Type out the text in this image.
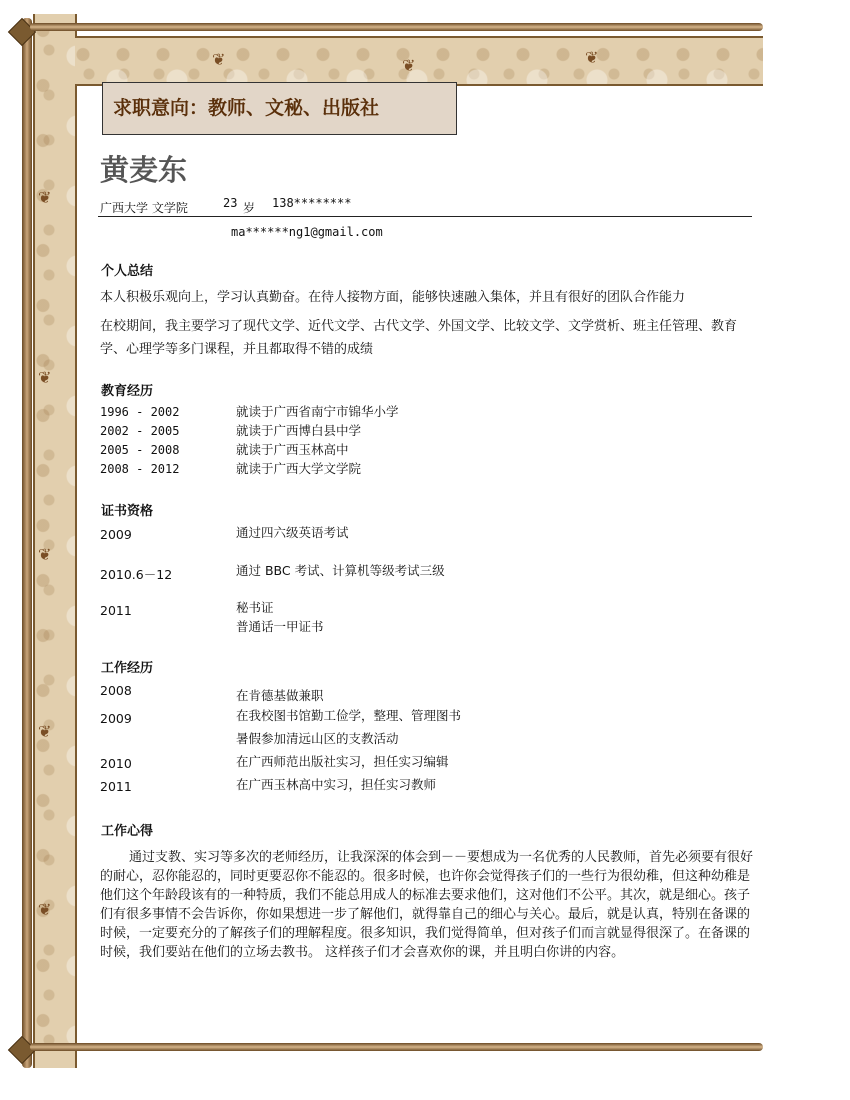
❦	❦	❦
❦
❦
❦
❦
❦
求职意向：教师、文秘、出版社
黄麦东
广西大学 文学院	23 岁 138********
ma******ng1@gmail.com
个人总结
本人积极乐观向上，学习认真勤奋。在待人接物方面，能够快速融入集体，并且有很好的团队合作能力
在校期间，我主要学习了现代文学、近代文学、古代文学、外国文学、比较文学、文学赏析、班主任管理、教育学、心理学等多门课程，并且都取得不错的成绩
教育经历
1996 - 2002	就读于广西省南宁市锦华小学
2002 - 2005	就读于广西博白县中学
2005 - 2008	就读于广西玉林高中
2008 - 2012	就读于广西大学文学院
证书资格
2009	通过四六级英语考试
2010.6－12	通过 BBC 考试、计算机等级考试三级
2011	秘书证
普通话一甲证书
工作经历
2008	在肯德基做兼职
2009	在我校图书馆勤工俭学，整理、管理图书
暑假参加清远山区的支教活动
2010	在广西师范出版社实习，担任实习编辑
2011	在广西玉林高中实习，担任实习教师
工作心得
通过支教、实习等多次的老师经历，让我深深的体会到－－要想成为一名优秀的人民教师，首先必须要有很好的耐心，忍你能忍的，同时更要忍你不能忍的。很多时候，也许你会觉得孩子们的一些行为很幼稚，但这种幼稚是他们这个年龄段该有的一种特质，我们不能总用成人的标准去要求他们，这对他们不公平。其次，就是细心。孩子们有很多事情不会告诉你，你如果想进一步了解他们，就得靠自己的细心与关心。最后，就是认真，特别在备课的时候，一定要充分的了解孩子们的理解程度。很多知识，我们觉得简单，但对孩子们而言就显得很深了。在备课的时候，我们要站在他们的立场去教书。 这样孩子们才会喜欢你的课，并且明白你讲的内容。
